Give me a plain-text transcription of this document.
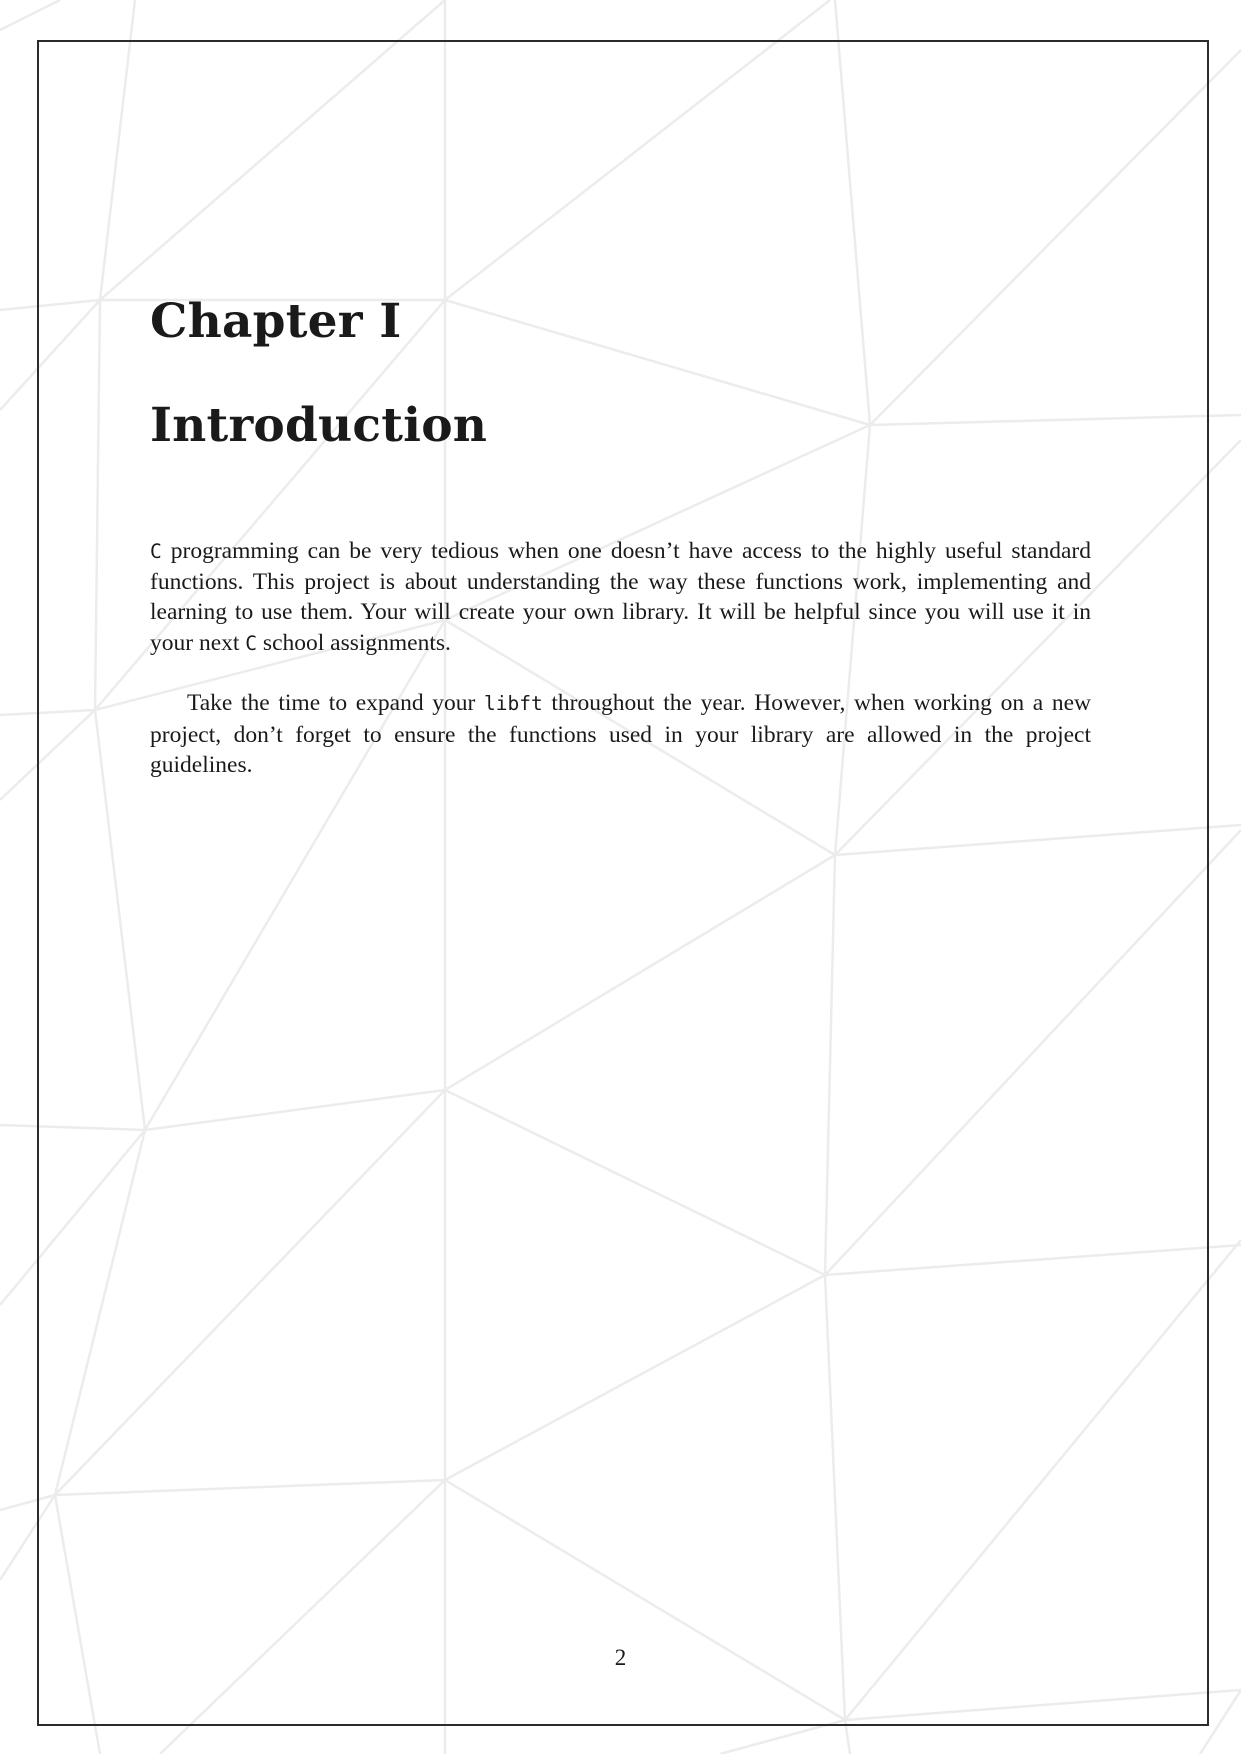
Chapter I
Introduction

C programming can be very tedious when one doesn’t have access to the highly useful standard functions. This project is about understanding the way these functions work, implementing and learning to use them. Your will create your own library. It will be helpful since you will use it in your next C school assignments.

Take the time to expand your libft throughout the year. However, when working on a new project, don’t forget to ensure the functions used in your library are allowed in the project guidelines.

2
